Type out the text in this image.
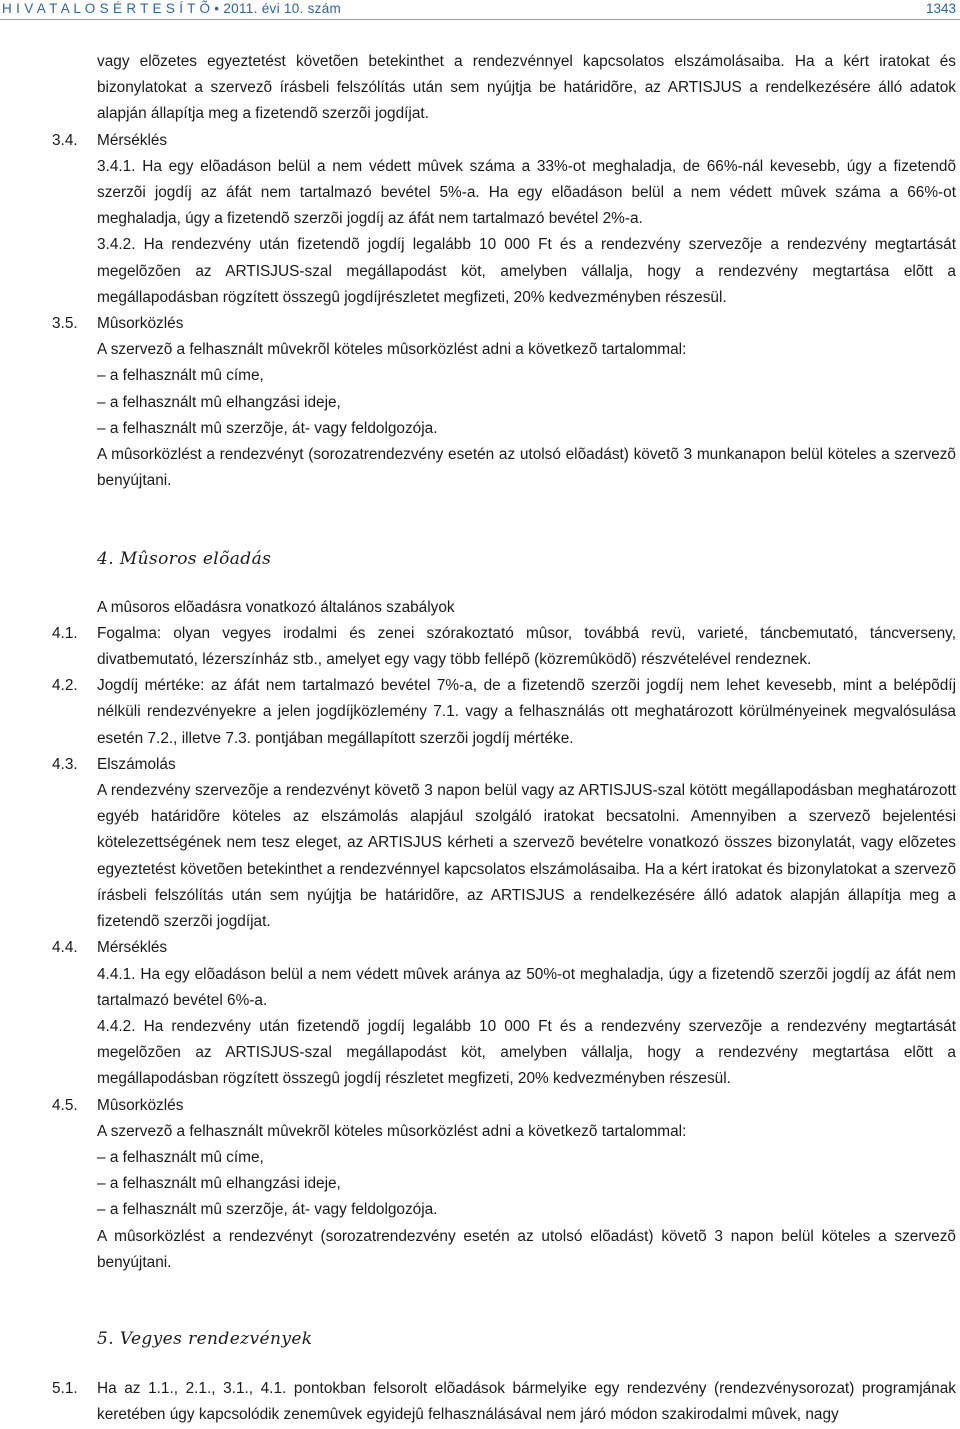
H I V A T A L O S É R T E S Í T Õ • 2011. évi 10. szám	1343
vagy elõzetes egyeztetést követõen betekinthet a rendezvénnyel kapcsolatos elszámolásaiba. Ha a kért iratokat és bizonylatokat a szervezõ írásbeli felszólítás után sem nyújtja be határidõre, az ARTISJUS a rendelkezésére álló adatok alapján állapítja meg a fizetendõ szerzõi jogdíjat.
3.4. Mérséklés
3.4.1. Ha egy elõadáson belül a nem védett mûvek száma a 33%-ot meghaladja, de 66%-nál kevesebb, úgy a fizetendõ szerzõi jogdíj az áfát nem tartalmazó bevétel 5%-a. Ha egy elõadáson belül a nem védett mûvek száma a 66%-ot meghaladja, úgy a fizetendõ szerzõi jogdíj az áfát nem tartalmazó bevétel 2%-a.
3.4.2. Ha rendezvény után fizetendõ jogdíj legalább 10 000 Ft és a rendezvény szervezõje a rendezvény megtartását megelõzõen az ARTISJUS-szal megállapodást köt, amelyben vállalja, hogy a rendezvény megtartása elõtt a megállapodásban rögzített összegû jogdíjrészletet megfizeti, 20% kedvezményben részesül.
3.5. Mûsorközlés
A szervezõ a felhasznált mûvekrõl köteles mûsorközlést adni a következõ tartalommal:
– a felhasznált mû címe,
– a felhasznált mû elhangzási ideje,
– a felhasznált mû szerzõje, át- vagy feldolgozója.
A mûsorközlést a rendezvényt (sorozatrendezvény esetén az utolsó elõadást) követõ 3 munkanapon belül köteles a szervezõ benyújtani.
4. Mûsoros elõadás
A mûsoros elõadásra vonatkozó általános szabályok
4.1. Fogalma: olyan vegyes irodalmi és zenei szórakoztató mûsor, továbbá revü, varieté, táncbemutató, táncverseny, divatbemutató, lézerszínház stb., amelyet egy vagy több fellépõ (közremûködõ) részvételével rendeznek.
4.2. Jogdíj mértéke: az áfát nem tartalmazó bevétel 7%-a, de a fizetendõ szerzõi jogdíj nem lehet kevesebb, mint a belépõdíj nélküli rendezvényekre a jelen jogdíjközlemény 7.1. vagy a felhasználás ott meghatározott körülményeinek megvalósulása esetén 7.2., illetve 7.3. pontjában megállapított szerzõi jogdíj mértéke.
4.3. Elszámolás
A rendezvény szervezõje a rendezvényt követõ 3 napon belül vagy az ARTISJUS-szal kötött megállapodásban meghatározott egyéb határidõre köteles az elszámolás alapjául szolgáló iratokat becsatolni. Amennyiben a szervezõ bejelentési kötelezettségének nem tesz eleget, az ARTISJUS kérheti a szervezõ bevételre vonatkozó összes bizonylatát, vagy elõzetes egyeztetést követõen betekinthet a rendezvénnyel kapcsolatos elszámolásaiba. Ha a kért iratokat és bizonylatokat a szervezõ írásbeli felszólítás után sem nyújtja be határidõre, az ARTISJUS a rendelkezésére álló adatok alapján állapítja meg a fizetendõ szerzõi jogdíjat.
4.4. Mérséklés
4.4.1. Ha egy elõadáson belül a nem védett mûvek aránya az 50%-ot meghaladja, úgy a fizetendõ szerzõi jogdíj az áfát nem tartalmazó bevétel 6%-a.
4.4.2. Ha rendezvény után fizetendõ jogdíj legalább 10 000 Ft és a rendezvény szervezõje a rendezvény megtartását megelõzõen az ARTISJUS-szal megállapodást köt, amelyben vállalja, hogy a rendezvény megtartása elõtt a megállapodásban rögzített összegû jogdíj részletet megfizeti, 20% kedvezményben részesül.
4.5. Mûsorközlés
A szervezõ a felhasznált mûvekrõl köteles mûsorközlést adni a következõ tartalommal:
– a felhasznált mû címe,
– a felhasznált mû elhangzási ideje,
– a felhasznált mû szerzõje, át- vagy feldolgozója.
A mûsorközlést a rendezvényt (sorozatrendezvény esetén az utolsó elõadást) követõ 3 napon belül köteles a szervezõ benyújtani.
5. Vegyes rendezvények
5.1. Ha az 1.1., 2.1., 3.1., 4.1. pontokban felsorolt elõadások bármelyike egy rendezvény (rendezvénysorozat) programjának keretében úgy kapcsolódik zenemûvek egyidejû felhasználásával nem járó módon szakirodalmi mûvek, nagy
